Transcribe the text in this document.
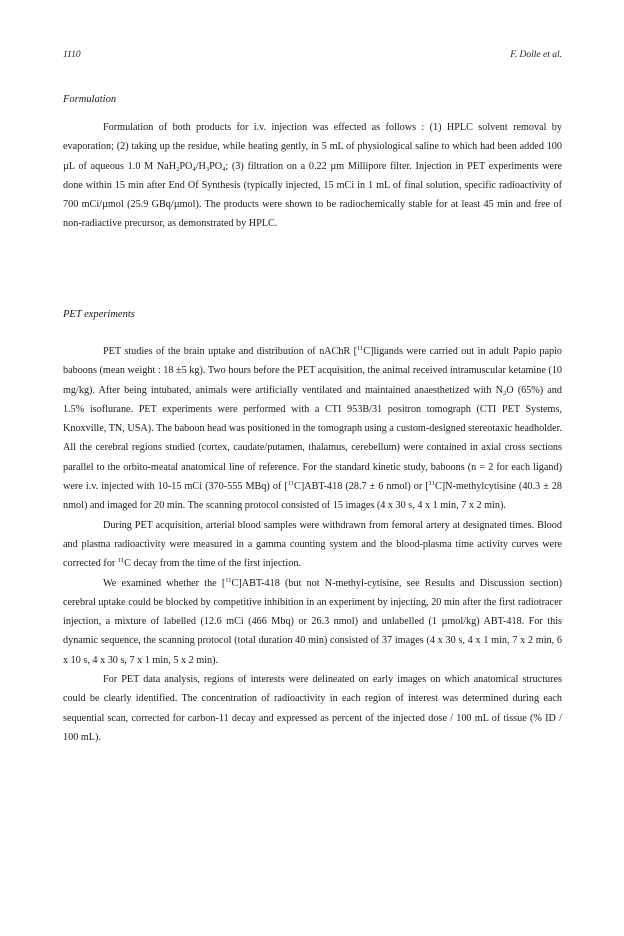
1110	F. Dolle et al.
Formulation

Formulation of both products for i.v. injection was effected as follows : (1) HPLC solvent removal by evaporation; (2) taking up the residue, while heating gently, in 5 mL of physiological saline to which had been added 100 µL of aqueous 1.0 M $NaH_2PO_4/H_3PO_4$; (3) filtration on a 0.22 µm Millipore filter. Injection in PET experiments were done within 15 min after End Of Synthesis (typically injected, 15 mCi in 1 mL of final solution, specific radioactivity of 700 mCi/µmol (25.9 GBq/µmol). The products were shown to be radiochemically stable for at least 45 min and free of non-radiactive precursor, as demonstrated by HPLC.

PET experiments

PET studies of the brain uptake and distribution of nAChR [$^{11}$C]ligands were carried out in adult Papio papio baboons (mean weight : 18 ±5 kg). Two hours before the PET acquisition, the animal received intramuscular ketamine (10 mg/kg). After being intubated, animals were artificially ventilated and maintained anaesthetized with $N_2O$ (65%) and 1.5% isoflurane. PET experiments were performed with a CTI 953B/31 positron tomograph (CTI PET Systems, Knoxville, TN, USA). The baboon head was positioned in the tomograph using a custom-designed stereotaxic headholder. All the cerebral regions studied (cortex, caudate/putamen, thalamus, cerebellum) were contained in axial cross sections parallel to the orbito-meatal anatomical line of reference. For the standard kinetic study, baboons (n = 2 for each ligand) were i.v. injected with 10-15 mCi (370-555 MBq) of [$^{11}$C]ABT-418 (28.7 ± 6 nmol) or [$^{11}$C]N-methylcytisine (40.3 ± 28 nmol) and imaged for 20 min. The scanning protocol consisted of 15 images (4 x 30 s, 4 x 1 min, 7 x 2 min).

During PET acquisition, arterial blood samples were withdrawn from femoral artery at designated times. Blood and plasma radioactivity were measured in a gamma counting system and the blood-plasma time activity curves were corrected for $^{11}$C decay from the time of the first injection.

We examined whether the [$^{11}$C]ABT-418 (but not N-methyl-cytisine, see Results and Discussion section) cerebral uptake could be blocked by competitive inhibition in an experiment by injecting, 20 min after the first radiotracer injection, a mixture of labelled (12.6 mCi (466 Mbq) or 26.3 nmol) and unlabelled (1 µmol/kg) ABT-418. For this dynamic sequence, the scanning protocol (total duration 40 min) consisted of 37 images (4 x 30 s, 4 x 1 min, 7 x 2 min, 6 x 10 s, 4 x 30 s, 7 x 1 min, 5 x 2 min).

For PET data analysis, regions of interests were delineated on early images on which anatomical structures could be clearly identified. The concentration of radioactivity in each region of interest was determined during each sequential scan, corrected for carbon-11 decay and expressed as percent of the injected dose / 100 mL of tissue (% ID / 100 mL).
